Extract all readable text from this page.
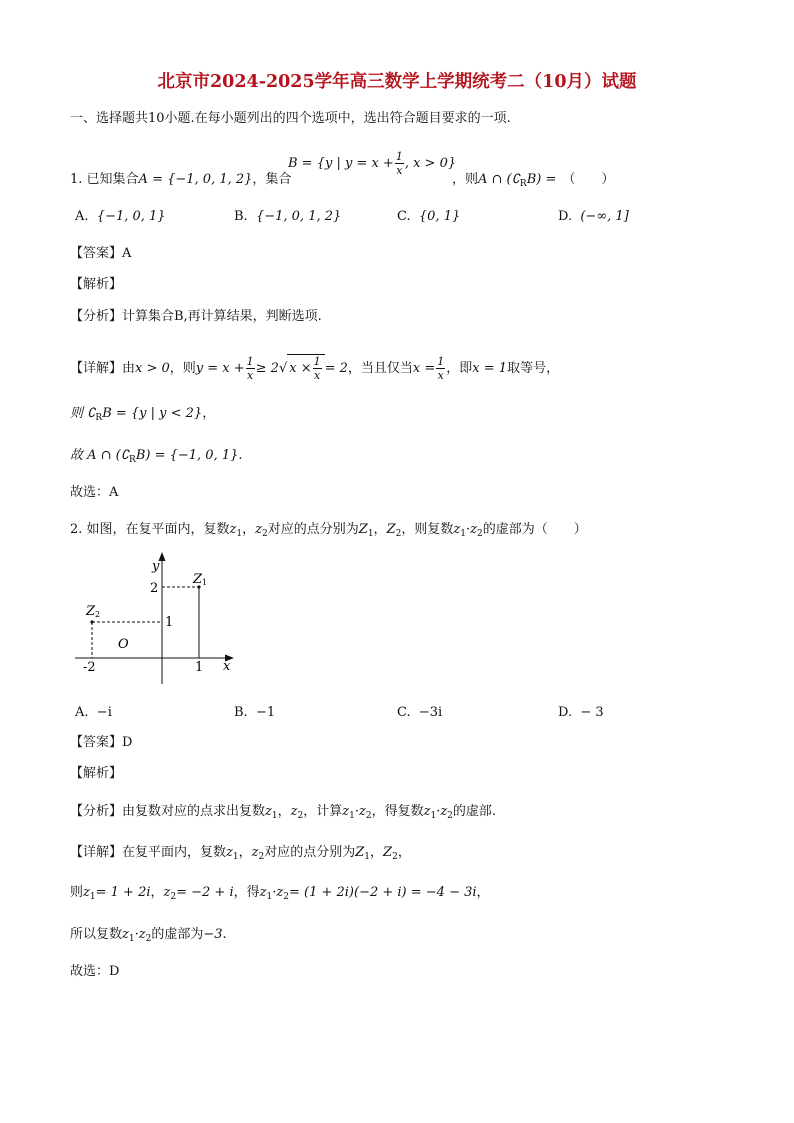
北京市2024-2025学年高三数学上学期统考二（10月）试题
一、选择题共10小题.在每小题列出的四个选项中，选出符合题目要求的一项.
1. 已知集合A = {−1, 0, 1, 2}，集合
B = {y | $y = x + \frac{1}{x}$ , x > 0}
，则A ∩ $(∁_RB)$ = （　　）
A. {−1, 0, 1}	B. {−1, 0, 1, 2}	C. {0, 1}	D. (−∞, 1]
【答案】A
【解析】
【分析】计算集合B,再计算结果，判断选项.
【详解】由x > 0，则$y = x + \frac{1}{x} \ge 2√$ $x \times \frac{1}{x} = 2$，当且仅当$x = \frac{1}{x}$ ，即x = 1取等号，
则 $∁_RB = \{y$ | y < 2}，
故 A ∩ $(∁_RB) = \{-1$, 0, 1}.
故选：A
2. 如图，在复平面内，复数$z_1$，$z_2$对应的点分别为$Z_1$，$Z_2$，则复数$z_1\cdot z_2$的虚部为（　　）
y
x
O
2
1
-2	1
Z 1
Z 2
A. −i	B. −1	C. −3i	D. − 3
【答案】D
【解析】
【分析】由复数对应的点求出复数$z_1$，$z_2$，计算$z_1\cdot z_2$，得复数$z_1\cdot z_2$的虚部.
【详解】在复平面内，复数$z_1$，$z_2$对应的点分别为$Z_1$，$Z_2$，
则$z_1= 1 + 2i$，$z_2= -2 + i$，得$z_1\cdot z_2= (1 + 2i)(-2 + i) = -4 - 3i$，
所以复数$z_1\cdot z_2$的虚部为−3.
故选：D
